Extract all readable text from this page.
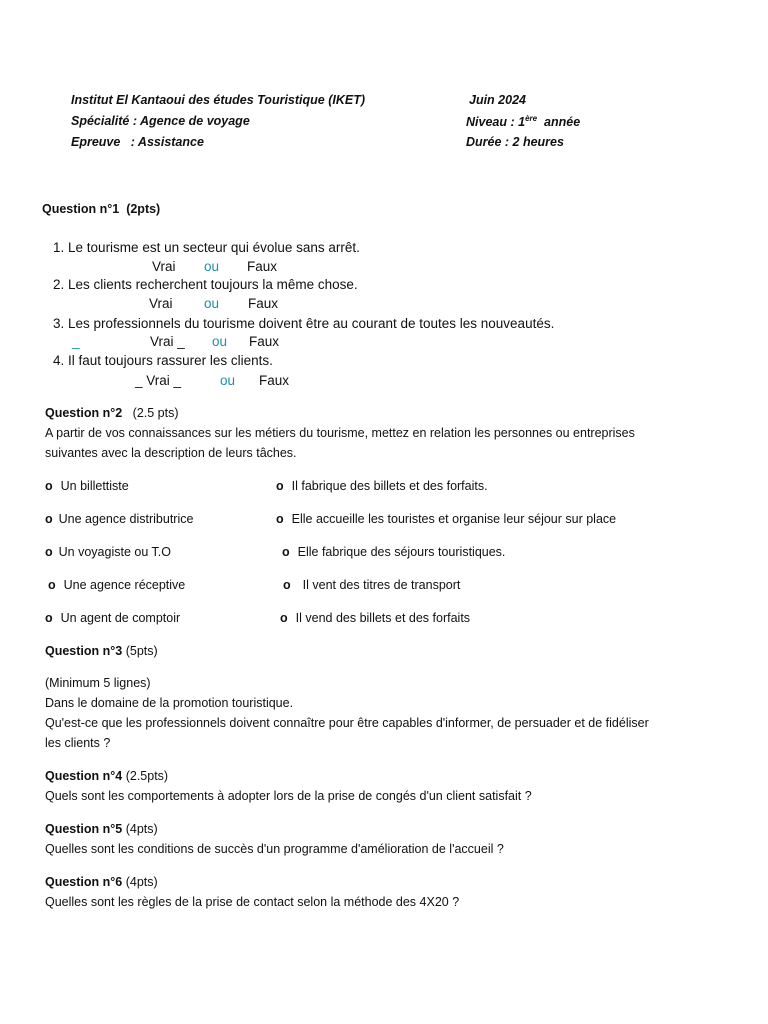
Institut El Kantaoui des études Touristique (IKET)	Juin 2024
Spécialité : Agence de voyage	Niveau : 1ère  année
Epreuve   : Assistance	Durée : 2 heures
Question n°1 (2pts)
1. Le tourisme est un secteur qui évolue sans arrêt.
Vrai ou Faux
2. Les clients recherchent toujours la même chose.
Vrai ou Faux
3. Les professionnels du tourisme doivent être au courant de toutes les nouveautés.
_	Vrai _ ou Faux
4. Il faut toujours rassurer les clients.
_ Vrai _	ou Faux
Question n°2 (2.5 pts)
A partir de vos connaissances sur les métiers du tourisme, mettez en relation les personnes ou entreprises
suivantes avec la description de leurs tâches.
o Un billettiste	o Il fabrique des billets et des forfaits.
o Une agence distributrice	o Elle accueille les touristes et organise leur séjour sur place
o Un voyagiste ou T.O	o Elle fabrique des séjours touristiques.
o Une agence réceptive	o Il vent des titres de transport
o Un agent de comptoir	o Il vend des billets et des forfaits
Question n°3 (5pts)
(Minimum 5 lignes)
Dans le domaine de la promotion touristique.
Qu'est-ce que les professionnels doivent connaître pour être capables d'informer, de persuader et de fidéliser
les clients ?
Question n°4 (2.5pts)
Quels sont les comportements à adopter lors de la prise de congés d'un client satisfait ?
Question n°5 (4pts)
Quelles sont les conditions de succès d'un programme d'amélioration de l'accueil ?
Question n°6 (4pts)
Quelles sont les règles de la prise de contact selon la méthode des 4X20 ?
